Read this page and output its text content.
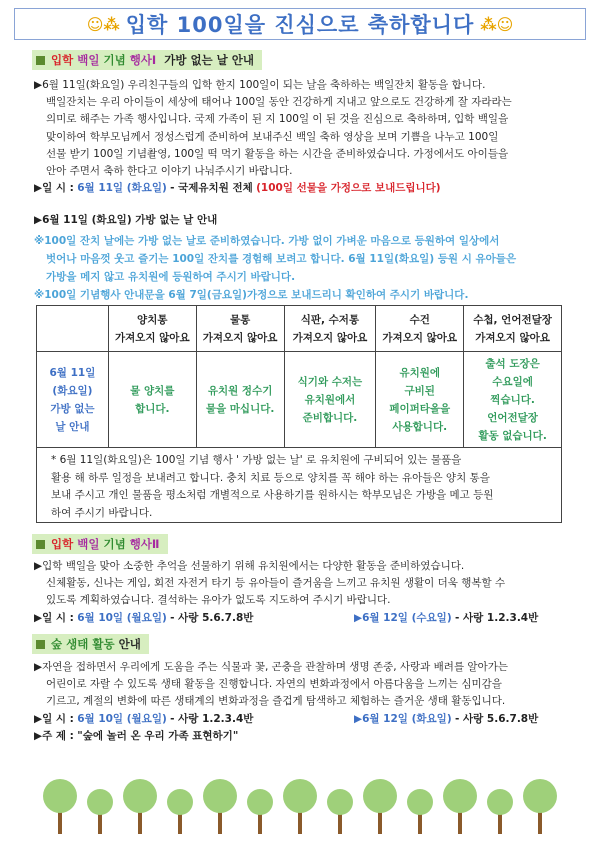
☺⁂ 입학 100일을 진심으로 축하합니다 ⁂☺
입학
백일
기념
행사Ⅰ
가방 없는 날 안내
▶6월 11일(화요일) 우리친구들의 입학 한지 100일이 되는 날을 축하하는 백일잔치 활동을 합니다.
백일잔치는 우리 아이들이 세상에 태어나 100일 동안 건강하게 지내고 앞으로도 건강하게 잘 자라라는
의미로 해주는 가족 행사입니다. 국제 가족이 된 지 100일 이 된 것을 진심으로 축하하며, 입학 백일을
맞이하여 학부모님께서 정성스럽게 준비하여 보내주신 백일 축하 영상을 보며 기쁨을 나누고 100일
선물 받기 100일 기념촬영, 100일 떡 먹기 활동을 하는 시간을 준비하였습니다. 가정에서도 아이들을
안아 주면서 축하 한다고 이야기 나눠주시기 바랍니다.
▶일 시 : 6월 11일 (화요일) - 국제유치원 전체 (100일 선물을 가정으로 보내드립니다)
▶6월 11일 (화요일) 가방 없는 날 안내
※100일 잔치 날에는 가방 없는 날로 준비하였습니다. 가방 없이 가벼운 마음으로 등원하여 일상에서
벗어나 마음껏 웃고 즐기는 100일 잔치를 경험해 보려고 합니다. 6월 11일(화요일) 등원 시 유아들은
가방을 메지 않고 유치원에 등원하여 주시기 바랍니다.
※100일 기념행사 안내문을 6월 7일(금요일)가정으로 보내드리니 확인하여 주시기 바랍니다.
	양치통
가져오지 않아요	물통
가져오지 않아요	식판, 수저통
가져오지 않아요	수건
가져오지 않아요	수첩, 언어전달장
가져오지 않아요
6월 11일
(화요일)
가방 없는
날 안내	물 양치를
합니다.	유치원 정수기
물을 마십니다.	식기와 수저는
유치원에서
준비합니다.	유치원에
구비된
페이퍼타올을
사용합니다.	출석 도장은
수요일에
찍습니다.
언어전달장
활동 없습니다.
* 6월 11일(화요일)은 100일 기념 행사 ' 가방 없는 날' 로 유치원에 구비되어 있는 물품을
활용 해 하루 일정을 보내려고 합니다. 충치 치료 등으로 양치를 꼭 해야 하는 유아들은 양치 통을
보내 주시고 개인 물품을 평소처럼 개별적으로 사용하기를 원하시는 학부모님은 가방을 메고 등원
하여 주시기 바랍니다.
입학
백일
기념
행사Ⅱ
▶입학 백일을 맞아 소중한 추억을 선물하기 위해 유치원에서는 다양한 활동을 준비하였습니다.
신체활동, 신나는 게임, 회전 자전거 타기 등 유아들이 즐거움을 느끼고 유치원 생활이 더욱 행복할 수
있도록 계획하였습니다. 결석하는 유아가 없도록 지도하여 주시기 바랍니다.
▶일 시 : 6월 10일 (월요일) - 사랑 5.6.7.8반	▶6월 12일 (수요일) - 사랑 1.2.3.4반
숲
생태
활동
안내
▶자연을 접하면서 우리에게 도움을 주는 식물과 꽃, 곤충을 관찰하며 생명 존중, 사랑과 배려를 알아가는
어린이로 자랄 수 있도록 생태 활동을 진행합니다. 자연의 변화과정에서 아름다움을 느끼는 심미감을
기르고, 계절의 변화에 따른 생태계의 변화과정을 즐겁게 탐색하고 체험하는 즐거운 생태 활동입니다.
▶일 시 : 6월 10일 (월요일) - 사랑 1.2.3.4반	▶6월 12일 (화요일) - 사랑 5.6.7.8반
▶주 제 : "숲에 놀러 온 우리 가족 표현하기"
